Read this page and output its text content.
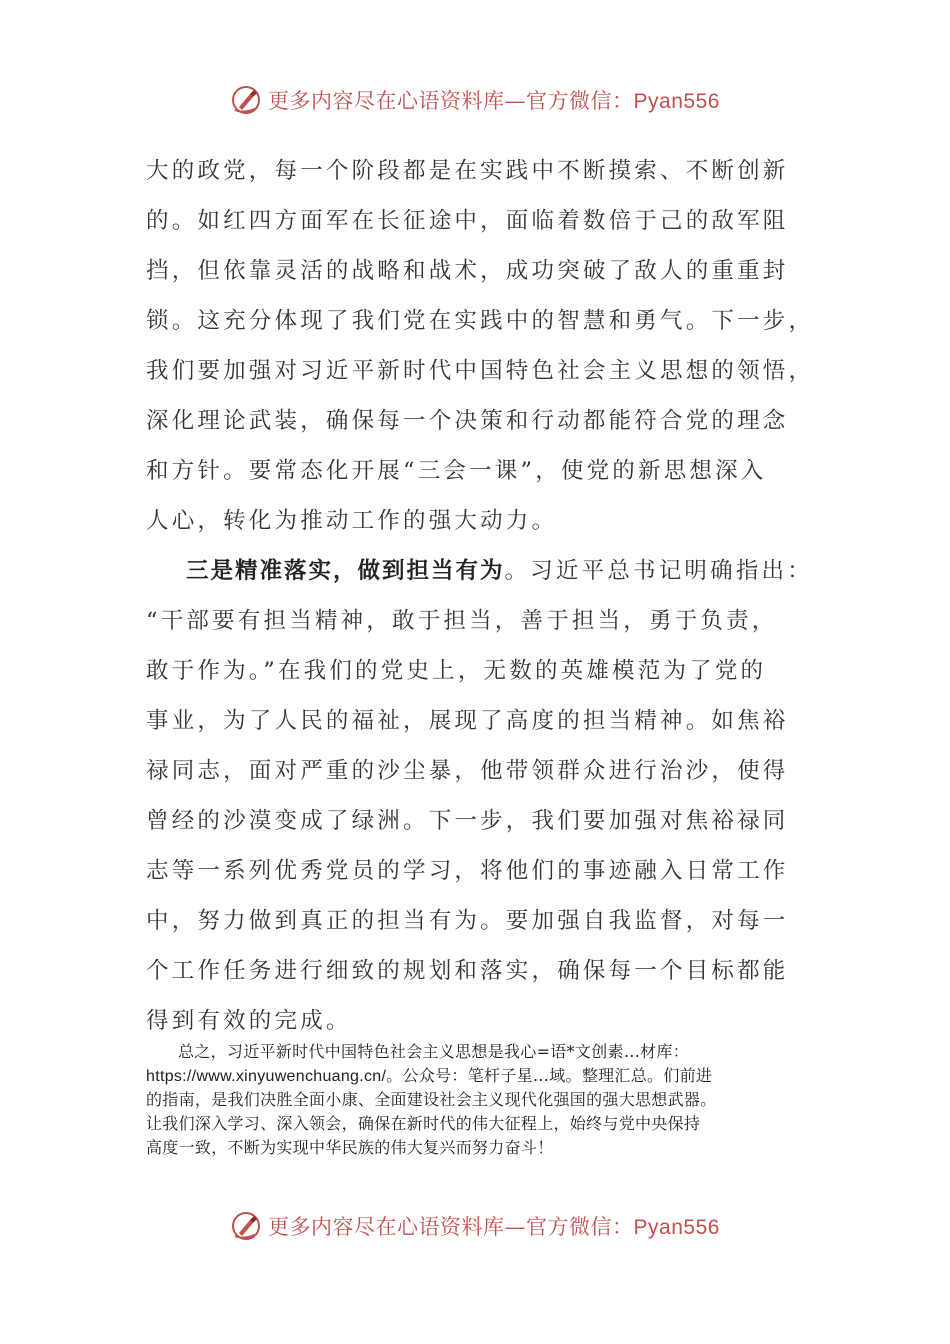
更多内容尽在心语资料库—官方微信：Pyan556
大的政党，每一个阶段都是在实践中不断摸索、不断创新
的。如红四方面军在长征途中，面临着数倍于己的敌军阻
挡，但依靠灵活的战略和战术，成功突破了敌人的重重封
锁。这充分体现了我们党在实践中的智慧和勇气。下一步，
我们要加强对习近平新时代中国特色社会主义思想的领悟，
深化理论武装，确保每一个决策和行动都能符合党的理念
和方针。要常态化开展“三会一课”，使党的新思想深入
人心，转化为推动工作的强大动力。
三是精准落实，做到担当有为。习近平总书记明确指出：
“干部要有担当精神，敢于担当，善于担当，勇于负责，
敢于作为。”在我们的党史上，无数的英雄模范为了党的
事业，为了人民的福祉，展现了高度的担当精神。如焦裕
禄同志，面对严重的沙尘暴，他带领群众进行治沙，使得
曾经的沙漠变成了绿洲。下一步，我们要加强对焦裕禄同
志等一系列优秀党员的学习，将他们的事迹融入日常工作
中，努力做到真正的担当有为。要加强自我监督，对每一
个工作任务进行细致的规划和落实，确保每一个目标都能
得到有效的完成。
总之，习近平新时代中国特色社会主义思想是我心=语*文创素…材库：
https://www.xinyuwenchuang.cn/。公众号：笔杆子星…域。整理汇总。们前进
的指南，是我们决胜全面小康、全面建设社会主义现代化强国的强大思想武器。
让我们深入学习、深入领会，确保在新时代的伟大征程上，始终与党中央保持
高度一致，不断为实现中华民族的伟大复兴而努力奋斗！
更多内容尽在心语资料库—官方微信：Pyan556
